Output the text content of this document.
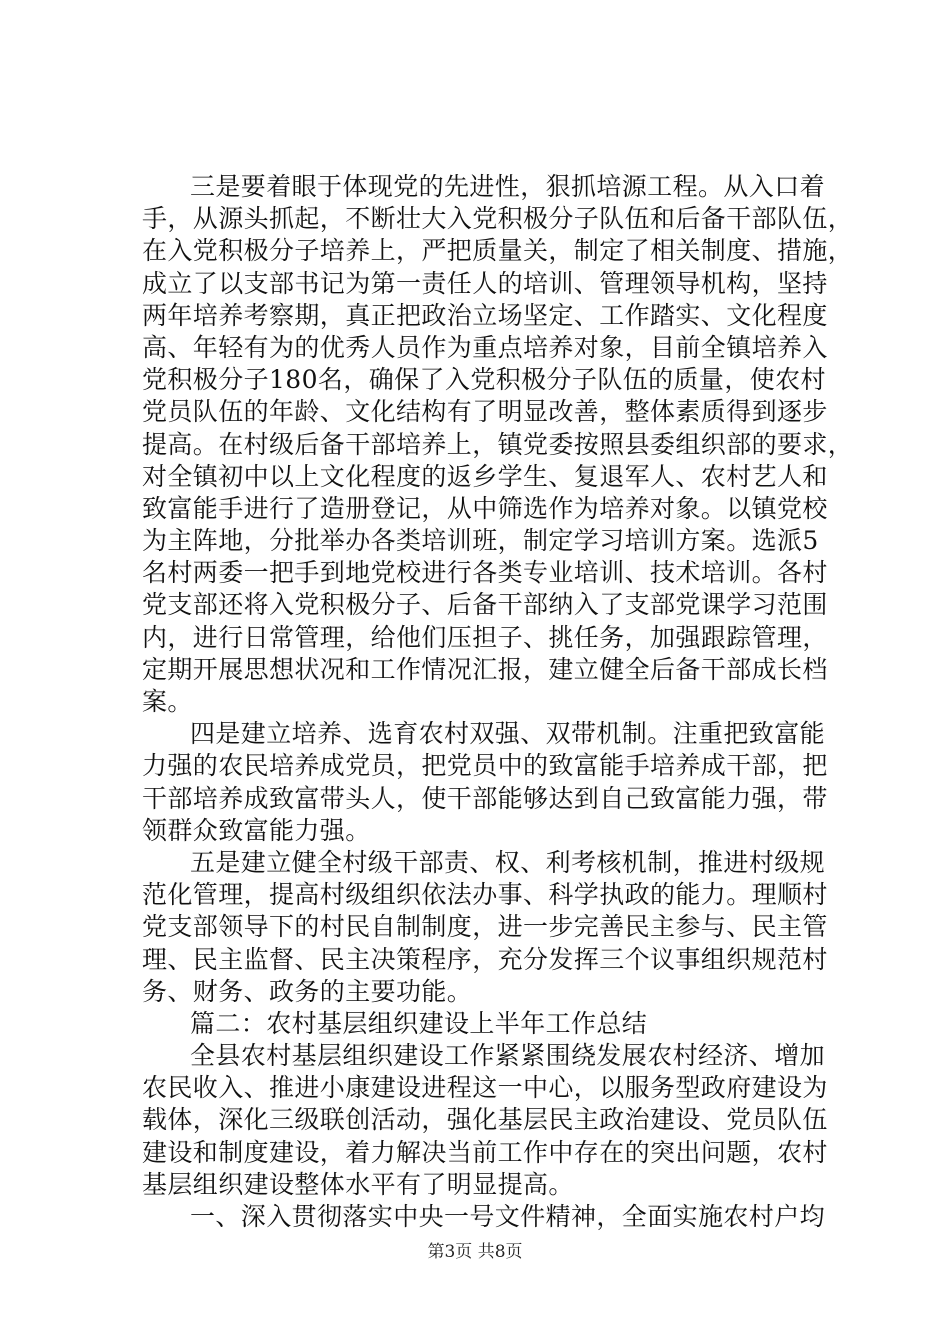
三是要着眼于体现党的先进性，狠抓培源工程。从入口着
手，从源头抓起，不断壮大入党积极分子队伍和后备干部队伍，
在入党积极分子培养上，严把质量关，制定了相关制度、措施，
成立了以支部书记为第一责任人的培训、管理领导机构，坚持
两年培养考察期，真正把政治立场坚定、工作踏实、文化程度
高、年轻有为的优秀人员作为重点培养对象，目前全镇培养入
党积极分子180名，确保了入党积极分子队伍的质量，使农村
党员队伍的年龄、文化结构有了明显改善，整体素质得到逐步
提高。在村级后备干部培养上，镇党委按照县委组织部的要求，
对全镇初中以上文化程度的返乡学生、复退军人、农村艺人和
致富能手进行了造册登记，从中筛选作为培养对象。以镇党校
为主阵地，分批举办各类培训班，制定学习培训方案。选派5
名村两委一把手到地党校进行各类专业培训、技术培训。各村
党支部还将入党积极分子、后备干部纳入了支部党课学习范围
内，进行日常管理，给他们压担子、挑任务，加强跟踪管理，
定期开展思想状况和工作情况汇报，建立健全后备干部成长档
案。
四是建立培养、选育农村双强、双带机制。注重把致富能
力强的农民培养成党员，把党员中的致富能手培养成干部，把
干部培养成致富带头人，使干部能够达到自己致富能力强，带
领群众致富能力强。
五是建立健全村级干部责、权、利考核机制，推进村级规
范化管理，提高村级组织依法办事、科学执政的能力。理顺村
党支部领导下的村民自制制度，进一步完善民主参与、民主管
理、民主监督、民主决策程序，充分发挥三个议事组织规范村
务、财务、政务的主要功能。
篇二：农村基层组织建设上半年工作总结
全县农村基层组织建设工作紧紧围绕发展农村经济、增加
农民收入、推进小康建设进程这一中心，以服务型政府建设为
载体，深化三级联创活动，强化基层民主政治建设、党员队伍
建设和制度建设，着力解决当前工作中存在的突出问题，农村
基层组织建设整体水平有了明显提高。
一、深入贯彻落实中央一号文件精神，全面实施农村户均
第3页 共8页
